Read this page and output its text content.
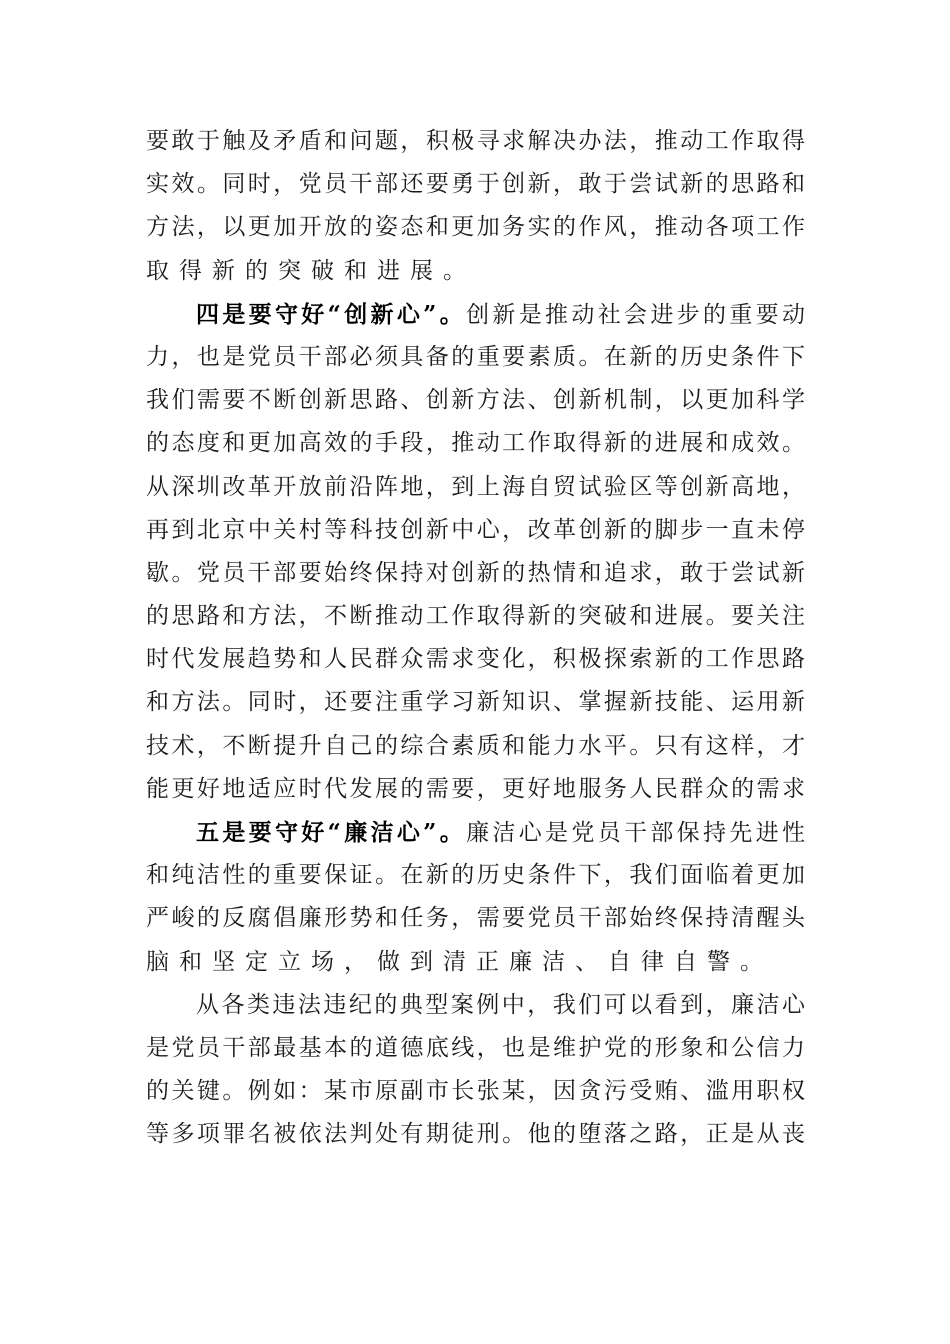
要敢于触及矛盾和问题，积极寻求解决办法，推动工作取得
实效。同时，党员干部还要勇于创新，敢于尝试新的思路和
方法，以更加开放的姿态和更加务实的作风，推动各项工作
取得新的突破和进展。
四是要守好“创新心”。创新是推动社会进步的重要动
力，也是党员干部必须具备的重要素质。在新的历史条件下
我们需要不断创新思路、创新方法、创新机制，以更加科学
的态度和更加高效的手段，推动工作取得新的进展和成效。
从深圳改革开放前沿阵地，到上海自贸试验区等创新高地，
再到北京中关村等科技创新中心，改革创新的脚步一直未停
歇。党员干部要始终保持对创新的热情和追求，敢于尝试新
的思路和方法，不断推动工作取得新的突破和进展。要关注
时代发展趋势和人民群众需求变化，积极探索新的工作思路
和方法。同时，还要注重学习新知识、掌握新技能、运用新
技术，不断提升自己的综合素质和能力水平。只有这样，才
能更好地适应时代发展的需要，更好地服务人民群众的需求
五是要守好“廉洁心”。廉洁心是党员干部保持先进性
和纯洁性的重要保证。在新的历史条件下，我们面临着更加
严峻的反腐倡廉形势和任务，需要党员干部始终保持清醒头
脑和坚定立场，做到清正廉洁、自律自警。
从各类违法违纪的典型案例中，我们可以看到，廉洁心
是党员干部最基本的道德底线，也是维护党的形象和公信力
的关键。例如：某市原副市长张某，因贪污受贿、滥用职权
等多项罪名被依法判处有期徒刑。他的堕落之路，正是从丧
